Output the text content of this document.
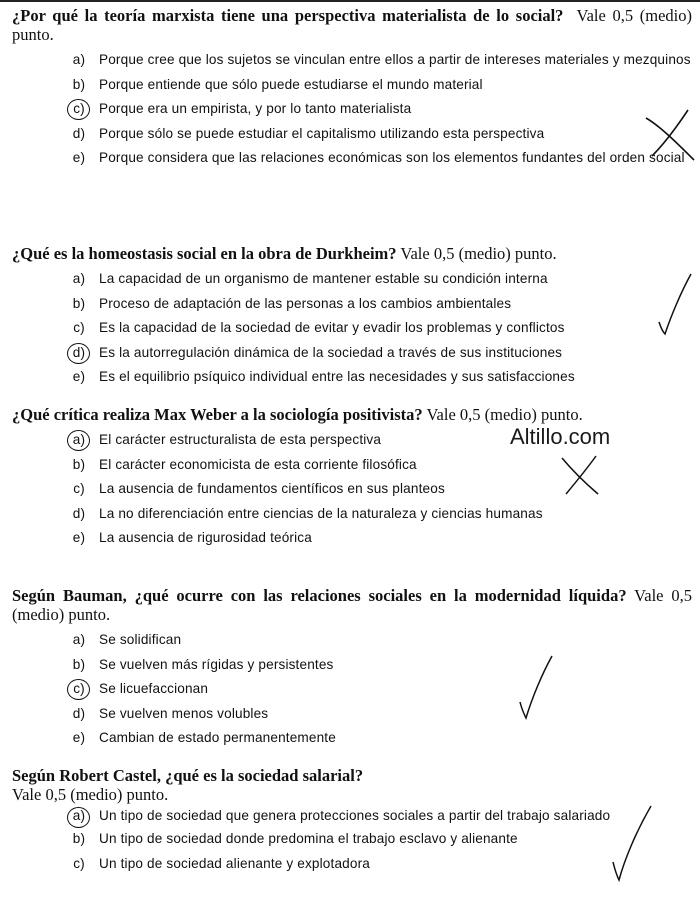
¿Por qué la teoría marxista tiene una perspectiva materialista de lo social? Vale 0,5 (medio) punto.
a) Porque cree que los sujetos se vinculan entre ellos a partir de intereses materiales y mezquinos
b) Porque entiende que sólo puede estudiarse el mundo material
c) Porque era un empirista, y por lo tanto materialista
d) Porque sólo se puede estudiar el capitalismo utilizando esta perspectiva
e) Porque considera que las relaciones económicas son los elementos fundantes del orden social
¿Qué es la homeostasis social en la obra de Durkheim? Vale 0,5 (medio) punto.
a) La capacidad de un organismo de mantener estable su condición interna
b) Proceso de adaptación de las personas a los cambios ambientales
c) Es la capacidad de la sociedad de evitar y evadir los problemas y conflictos
d) Es la autorregulación dinámica de la sociedad a través de sus instituciones
e) Es el equilibrio psíquico individual entre las necesidades y sus satisfacciones
¿Qué crítica realiza Max Weber a la sociología positivista? Vale 0,5 (medio) punto.
a) El carácter estructuralista de esta perspectiva
b) El carácter economicista de esta corriente filosófica
c) La ausencia de fundamentos científicos en sus planteos
d) La no diferenciación entre ciencias de la naturaleza y ciencias humanas
e) La ausencia de rigurosidad teórica
Según Bauman, ¿qué ocurre con las relaciones sociales en la modernidad líquida? Vale 0,5 (medio) punto.
a) Se solidifican
b) Se vuelven más rígidas y persistentes
c) Se licuefaccionan
d) Se vuelven menos volubles
e) Cambian de estado permanentemente
Según Robert Castel, ¿qué es la sociedad salarial?
Vale 0,5 (medio) punto.
a) Un tipo de sociedad que genera protecciones sociales a partir del trabajo salariado
b) Un tipo de sociedad donde predomina el trabajo esclavo y alienante
c) Un tipo de sociedad alienante y explotadora
Altillo.com
